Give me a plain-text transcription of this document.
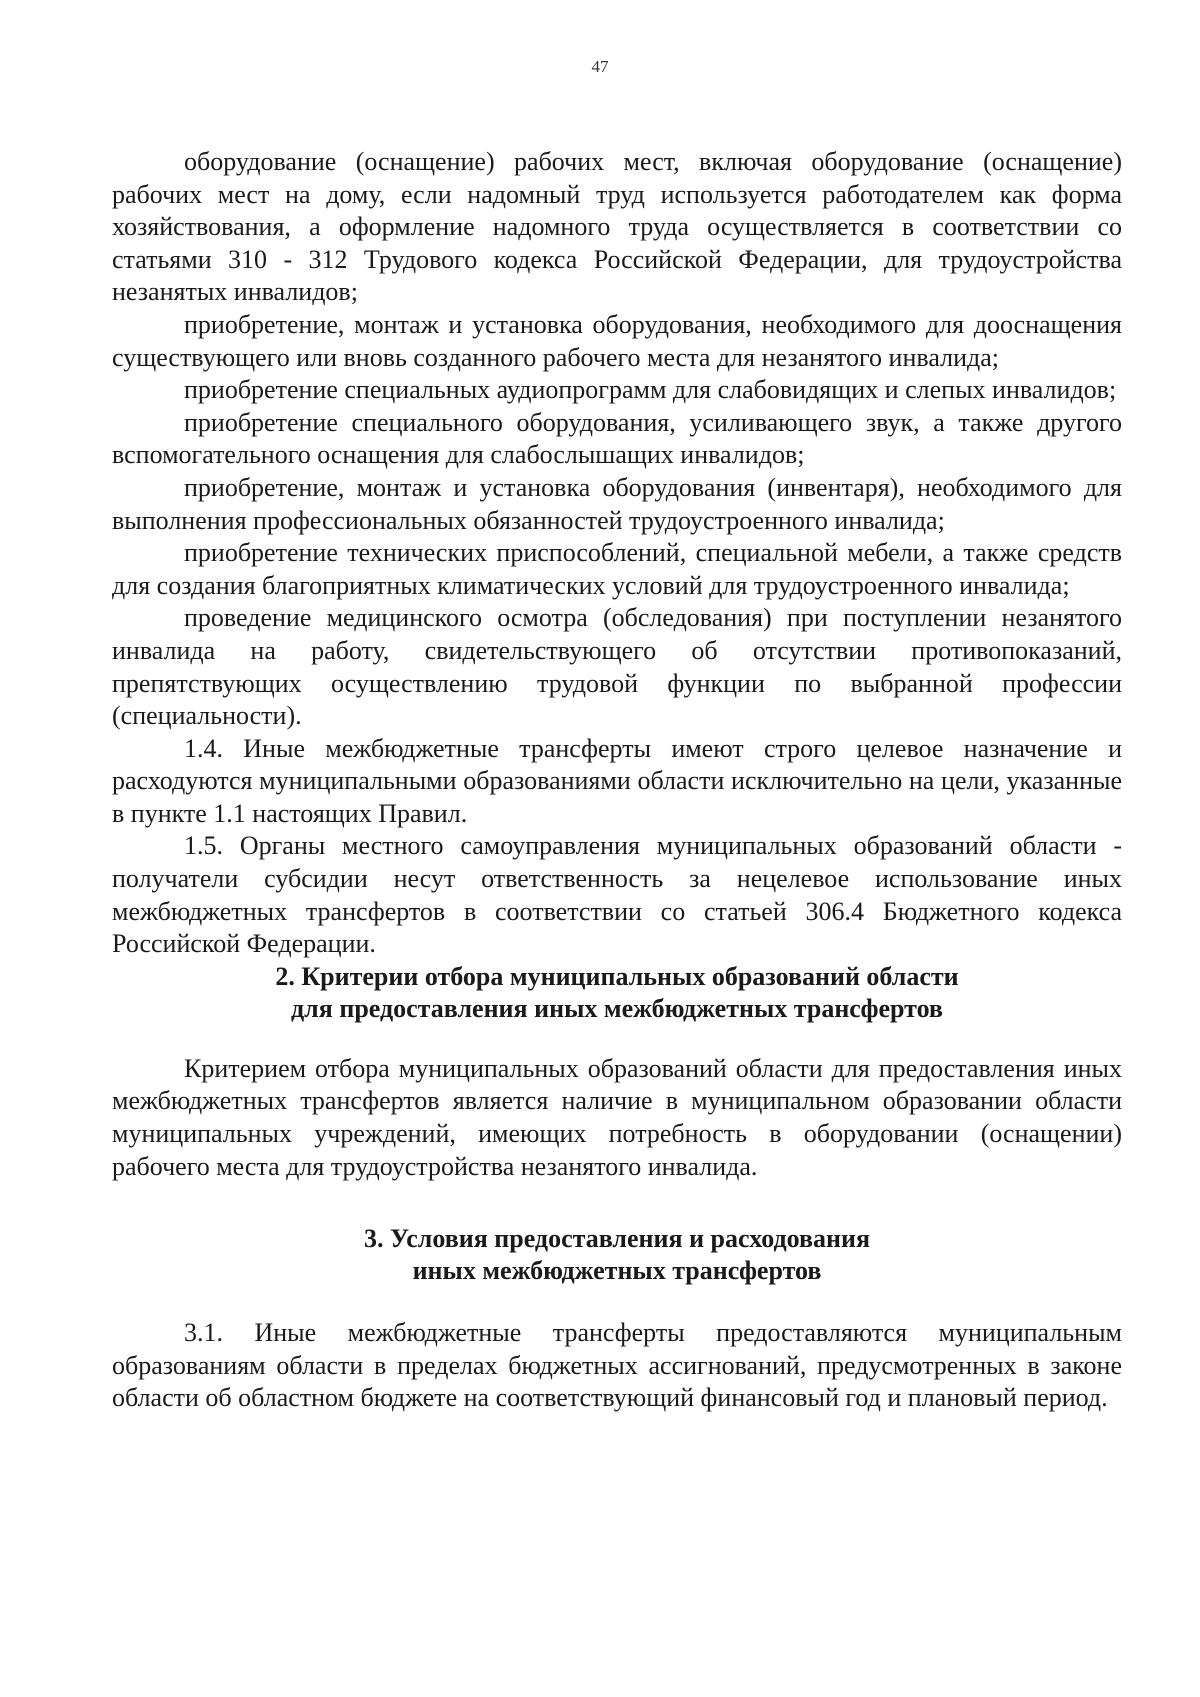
47

оборудование (оснащение) рабочих мест, включая оборудование (оснащение) рабочих мест на дому, если надомный труд используется работодателем как форма хозяйствования, а оформление надомного труда осуществляется в соответствии со статьями 310 - 312 Трудового кодекса Российской Федерации, для трудоустройства незанятых инвалидов;

приобретение, монтаж и установка оборудования, необходимого для дооснащения существующего или вновь созданного рабочего места для незанятого инвалида;

приобретение специальных аудиопрограмм для слабовидящих и слепых инвалидов;

приобретение специального оборудования, усиливающего звук, а также другого вспомогательного оснащения для слабослышащих инвалидов;

приобретение, монтаж и установка оборудования (инвентаря), необходимого для выполнения профессиональных обязанностей трудоустроенного инвалида;

приобретение технических приспособлений, специальной мебели, а также средств для создания благоприятных климатических условий для трудоустроенного инвалида;

проведение медицинского осмотра (обследования) при поступлении незанятого инвалида на работу, свидетельствующего об отсутствии противопоказаний, препятствующих осуществлению трудовой функции по выбранной профессии (специальности).

1.4. Иные межбюджетные трансферты имеют строго целевое назначение и расходуются муниципальными образованиями области исключительно на цели, указанные в пункте 1.1 настоящих Правил.

1.5. Органы местного самоуправления муниципальных образований области - получатели субсидии несут ответственность за нецелевое использование иных межбюджетных трансфертов в соответствии со статьей 306.4 Бюджетного кодекса Российской Федерации.

2. Критерии отбора муниципальных образований области
для предоставления иных межбюджетных трансфертов

Критерием отбора муниципальных образований области для предоставления иных межбюджетных трансфертов является наличие в муниципальном образовании области муниципальных учреждений, имеющих потребность в оборудовании (оснащении) рабочего места для трудоустройства незанятого инвалида.

3. Условия предоставления и расходования
иных межбюджетных трансфертов

3.1. Иные межбюджетные трансферты предоставляются муниципальным образованиям области в пределах бюджетных ассигнований, предусмотренных в законе области об областном бюджете на соответствующий финансовый год и плановый период.
